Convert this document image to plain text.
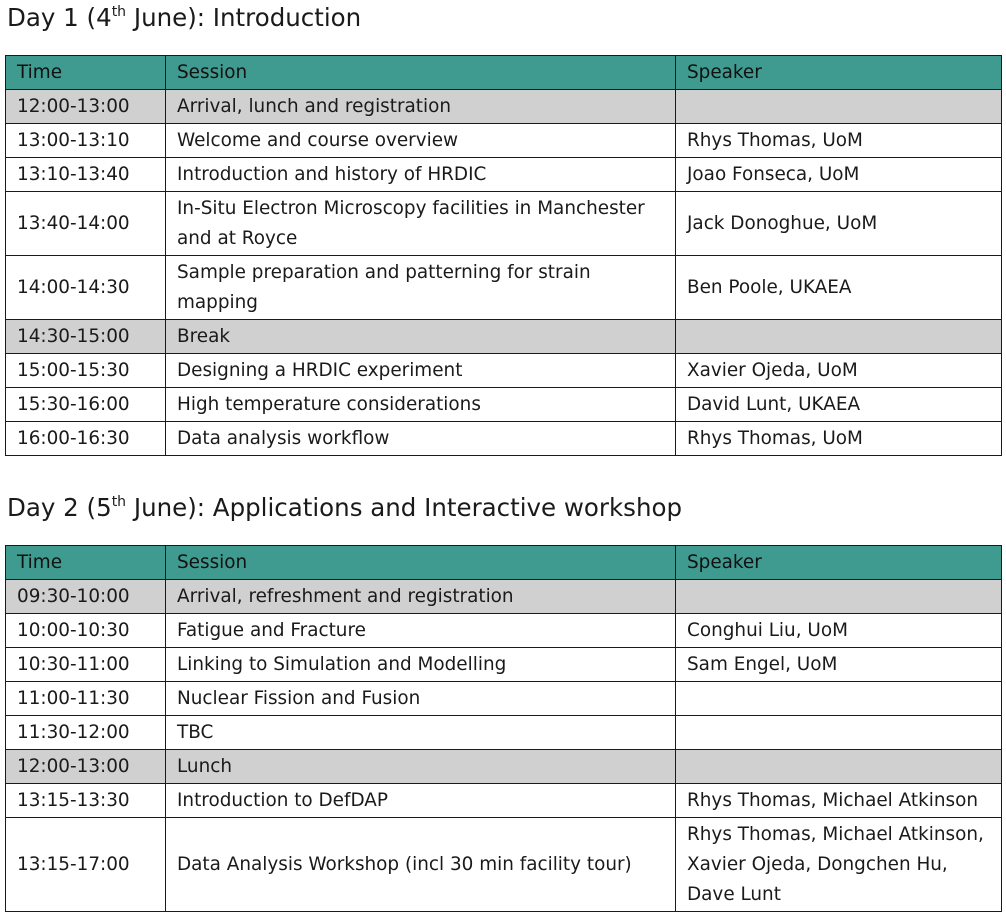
Day 1 (4th June): Introduction
Time	Session	Speaker
12:00-13:00	Arrival, lunch and registration	
13:00-13:10	Welcome and course overview	Rhys Thomas, UoM
13:10-13:40	Introduction and history of HRDIC	Joao Fonseca, UoM
13:40-14:00	In-Situ Electron Microscopy facilities in Manchester
and at Royce	Jack Donoghue, UoM
14:00-14:30	Sample preparation and patterning for strain
mapping	Ben Poole, UKAEA
14:30-15:00	Break	
15:00-15:30	Designing a HRDIC experiment	Xavier Ojeda, UoM
15:30-16:00	High temperature considerations	David Lunt, UKAEA
16:00-16:30	Data analysis workflow	Rhys Thomas, UoM
Day 2 (5th June): Applications and Interactive workshop
Time	Session	Speaker
09:30-10:00	Arrival, refreshment and registration	
10:00-10:30	Fatigue and Fracture	Conghui Liu, UoM
10:30-11:00	Linking to Simulation and Modelling	Sam Engel, UoM
11:00-11:30	Nuclear Fission and Fusion	
11:30-12:00	TBC	
12:00-13:00	Lunch	
13:15-13:30	Introduction to DefDAP	Rhys Thomas, Michael Atkinson
13:15-17:00	Data Analysis Workshop (incl 30 min facility tour)	Rhys Thomas, Michael Atkinson,
Xavier Ojeda, Dongchen Hu,
Dave Lunt
